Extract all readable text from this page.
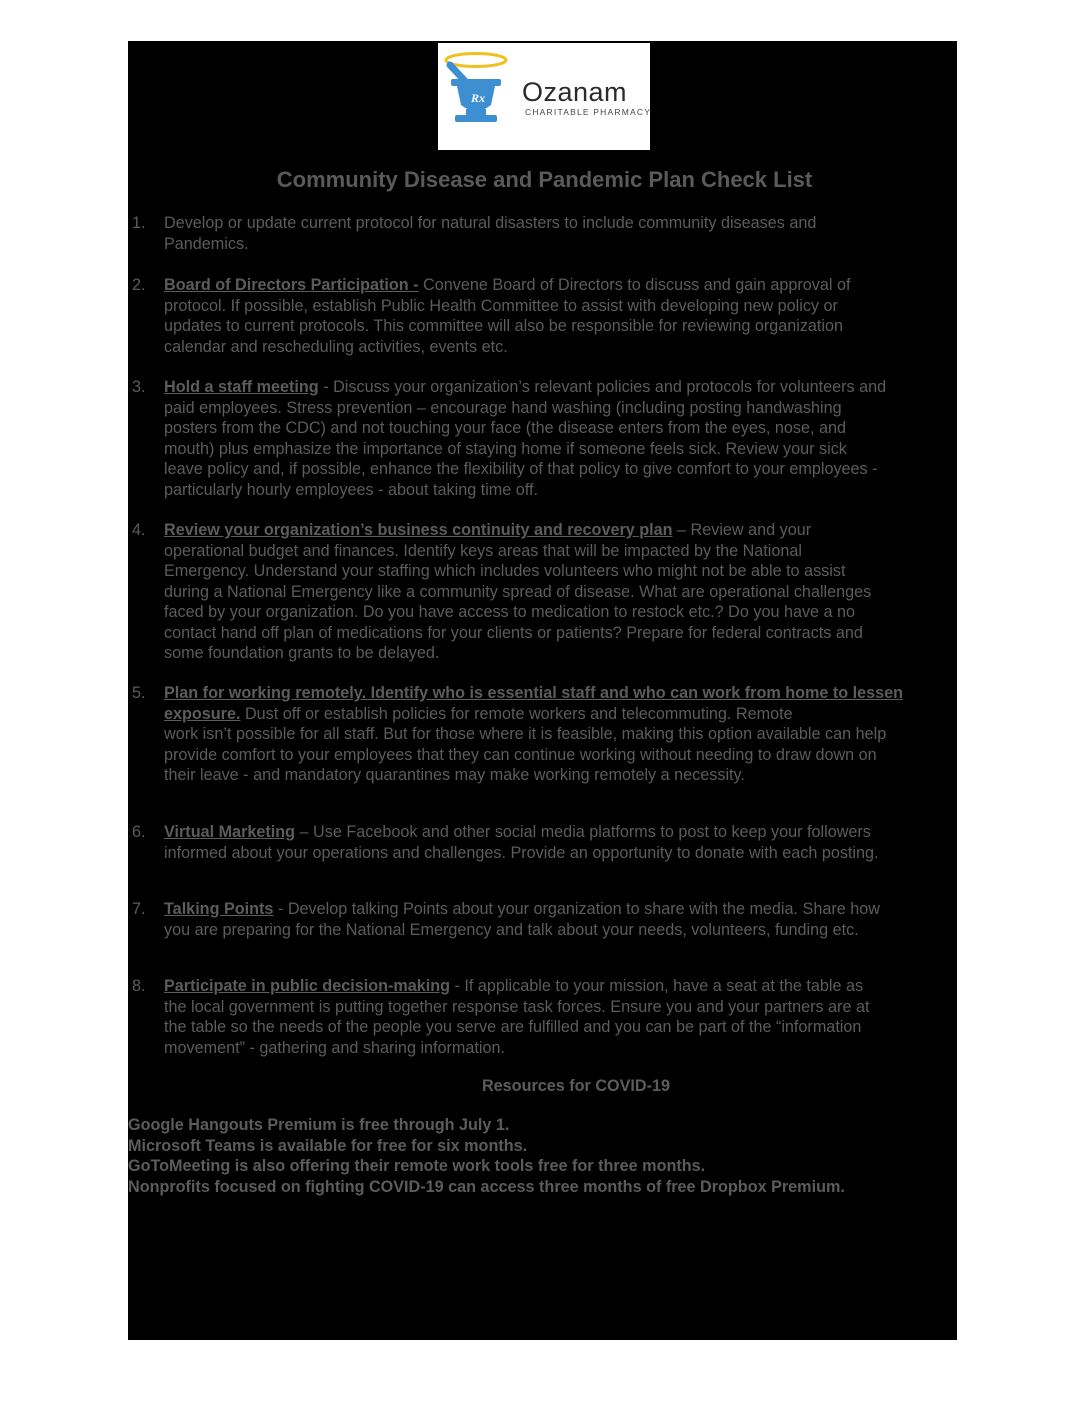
Rx Ozanam
CHARITABLE PHARMACY
Community Disease and Pandemic Plan Check List
1. Develop or update current protocol for natural disasters to include community diseases and
Pandemics.
2. Board of Directors Participation - Convene Board of Directors to discuss and gain approval of
protocol. If possible, establish Public Health Committee to assist with developing new policy or
updates to current protocols. This committee will also be responsible for reviewing organization
calendar and rescheduling activities, events etc.
3. Hold a staff meeting - Discuss your organization’s relevant policies and protocols for volunteers and
paid employees. Stress prevention – encourage hand washing (including posting handwashing
posters from the CDC) and not touching your face (the disease enters from the eyes, nose, and
mouth) plus emphasize the importance of staying home if someone feels sick. Review your sick
leave policy and, if possible, enhance the flexibility of that policy to give comfort to your employees -
particularly hourly employees - about taking time off.
4. Review your organization’s business continuity and recovery plan – Review and your
operational budget and finances. Identify keys areas that will be impacted by the National
Emergency. Understand your staffing which includes volunteers who might not be able to assist
during a National Emergency like a community spread of disease. What are operational challenges
faced by your organization. Do you have access to medication to restock etc.? Do you have a no
contact hand off plan of medications for your clients or patients? Prepare for federal contracts and
some foundation grants to be delayed.
5. Plan for working remotely. Identify who is essential staff and who can work from home to lessen exposure. Dust off or establish policies for remote workers and telecommuting. Remote
work isn’t possible for all staff. But for those where it is feasible, making this option available can help
provide comfort to your employees that they can continue working without needing to draw down on
their leave - and mandatory quarantines may make working remotely a necessity.
6. Virtual Marketing – Use Facebook and other social media platforms to post to keep your followers
informed about your operations and challenges. Provide an opportunity to donate with each posting.
7. Talking Points - Develop talking Points about your organization to share with the media. Share how
you are preparing for the National Emergency and talk about your needs, volunteers, funding etc.
8. Participate in public decision-making - If applicable to your mission, have a seat at the table as
the local government is putting together response task forces. Ensure you and your partners are at
the table so the needs of the people you serve are fulfilled and you can be part of the “information
movement” - gathering and sharing information.
Resources for COVID-19
Google Hangouts Premium is free through July 1.
Microsoft Teams is available for free for six months.
GoToMeeting is also offering their remote work tools free for three months.
Nonprofits focused on fighting COVID-19 can access three months of free Dropbox Premium.
